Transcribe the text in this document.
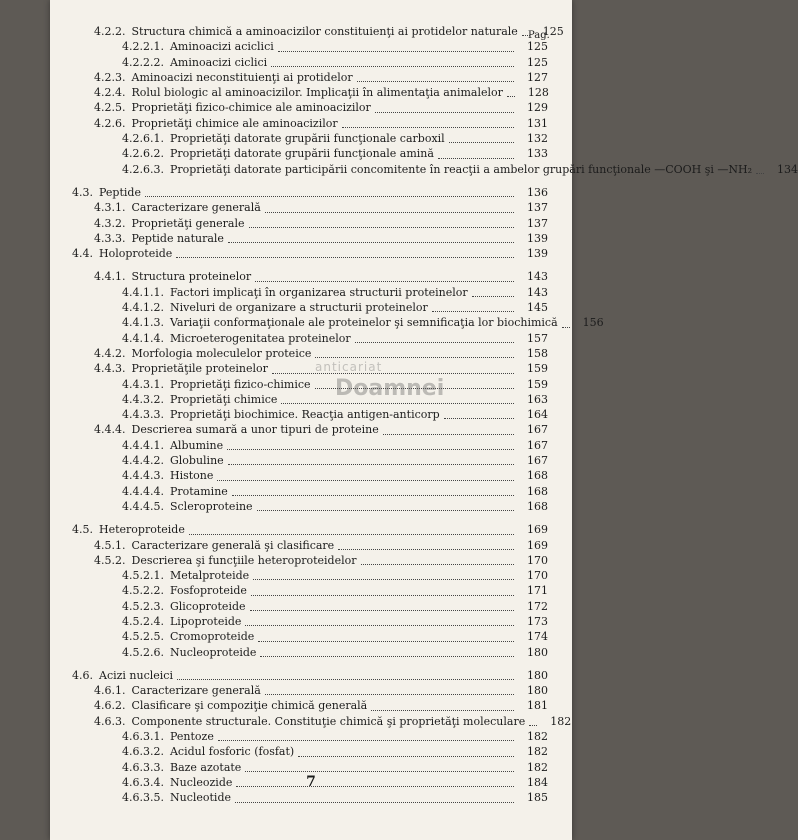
Pag.
4.2.2. Structura chimică a aminoacizilor constituienţi ai protidelor naturale	125
4.2.2.1. Aminoacizi aciclici	125
4.2.2.2. Aminoacizi ciclici	125
4.2.3. Aminoacizi neconstituienţi ai protidelor	127
4.2.4. Rolul biologic al aminoacizilor. Implicaţii în alimentaţia animalelor	128
4.2.5. Proprietăţi fizico-chimice ale aminoacizilor	129
4.2.6. Proprietăţi chimice ale aminoacizilor	131
4.2.6.1. Proprietăţi datorate grupării funcţionale carboxil	132
4.2.6.2. Proprietăţi datorate grupării funcţionale amină	133
4.2.6.3. Proprietăţi datorate participării concomitente în reacţii a ambelor grupări funcţionale —COOH şi —NH₂	134
4.3. Peptide	136
4.3.1. Caracterizare generală	137
4.3.2. Proprietăţi generale	137
4.3.3. Peptide naturale	139
4.4. Holoproteide	139
4.4.1. Structura proteinelor	143
4.4.1.1. Factori implicaţi în organizarea structurii proteinelor	143
4.4.1.2. Niveluri de organizare a structurii proteinelor	145
4.4.1.3. Variaţii conformaţionale ale proteinelor şi semnificaţia lor biochimică	156
4.4.1.4. Microeterogenitatea proteinelor	157
4.4.2. Morfologia moleculelor proteice	158
4.4.3. Proprietăţile proteinelor	159
4.4.3.1. Proprietăţi fizico-chimice	159
4.4.3.2. Proprietăţi chimice	163
4.4.3.3. Proprietăţi biochimice. Reacţia antigen-anticorp	164
4.4.4. Descrierea sumară a unor tipuri de proteine	167
4.4.4.1. Albumine	167
4.4.4.2. Globuline	167
4.4.4.3. Histone	168
4.4.4.4. Protamine	168
4.4.4.5. Scleroproteine	168
4.5. Heteroproteide	169
4.5.1. Caracterizare generală şi clasificare	169
4.5.2. Descrierea şi funcţiile heteroproteidelor	170
4.5.2.1. Metalproteide	170
4.5.2.2. Fosfoproteide	171
4.5.2.3. Glicoproteide	172
4.5.2.4. Lipoproteide	173
4.5.2.5. Cromoproteide	174
4.5.2.6. Nucleoproteide	180
4.6. Acizi nucleici	180
4.6.1. Caracterizare generală	180
4.6.2. Clasificare şi compoziţie chimică generală	181
4.6.3. Componente structurale. Constituţie chimică şi proprietăţi moleculare	182
4.6.3.1. Pentoze	182
4.6.3.2. Acidul fosforic (fosfat)	182
4.6.3.3. Baze azotate	182
4.6.3.4. Nucleozide	184
4.6.3.5. Nucleotide	185
anticariat
Doamnei
7
